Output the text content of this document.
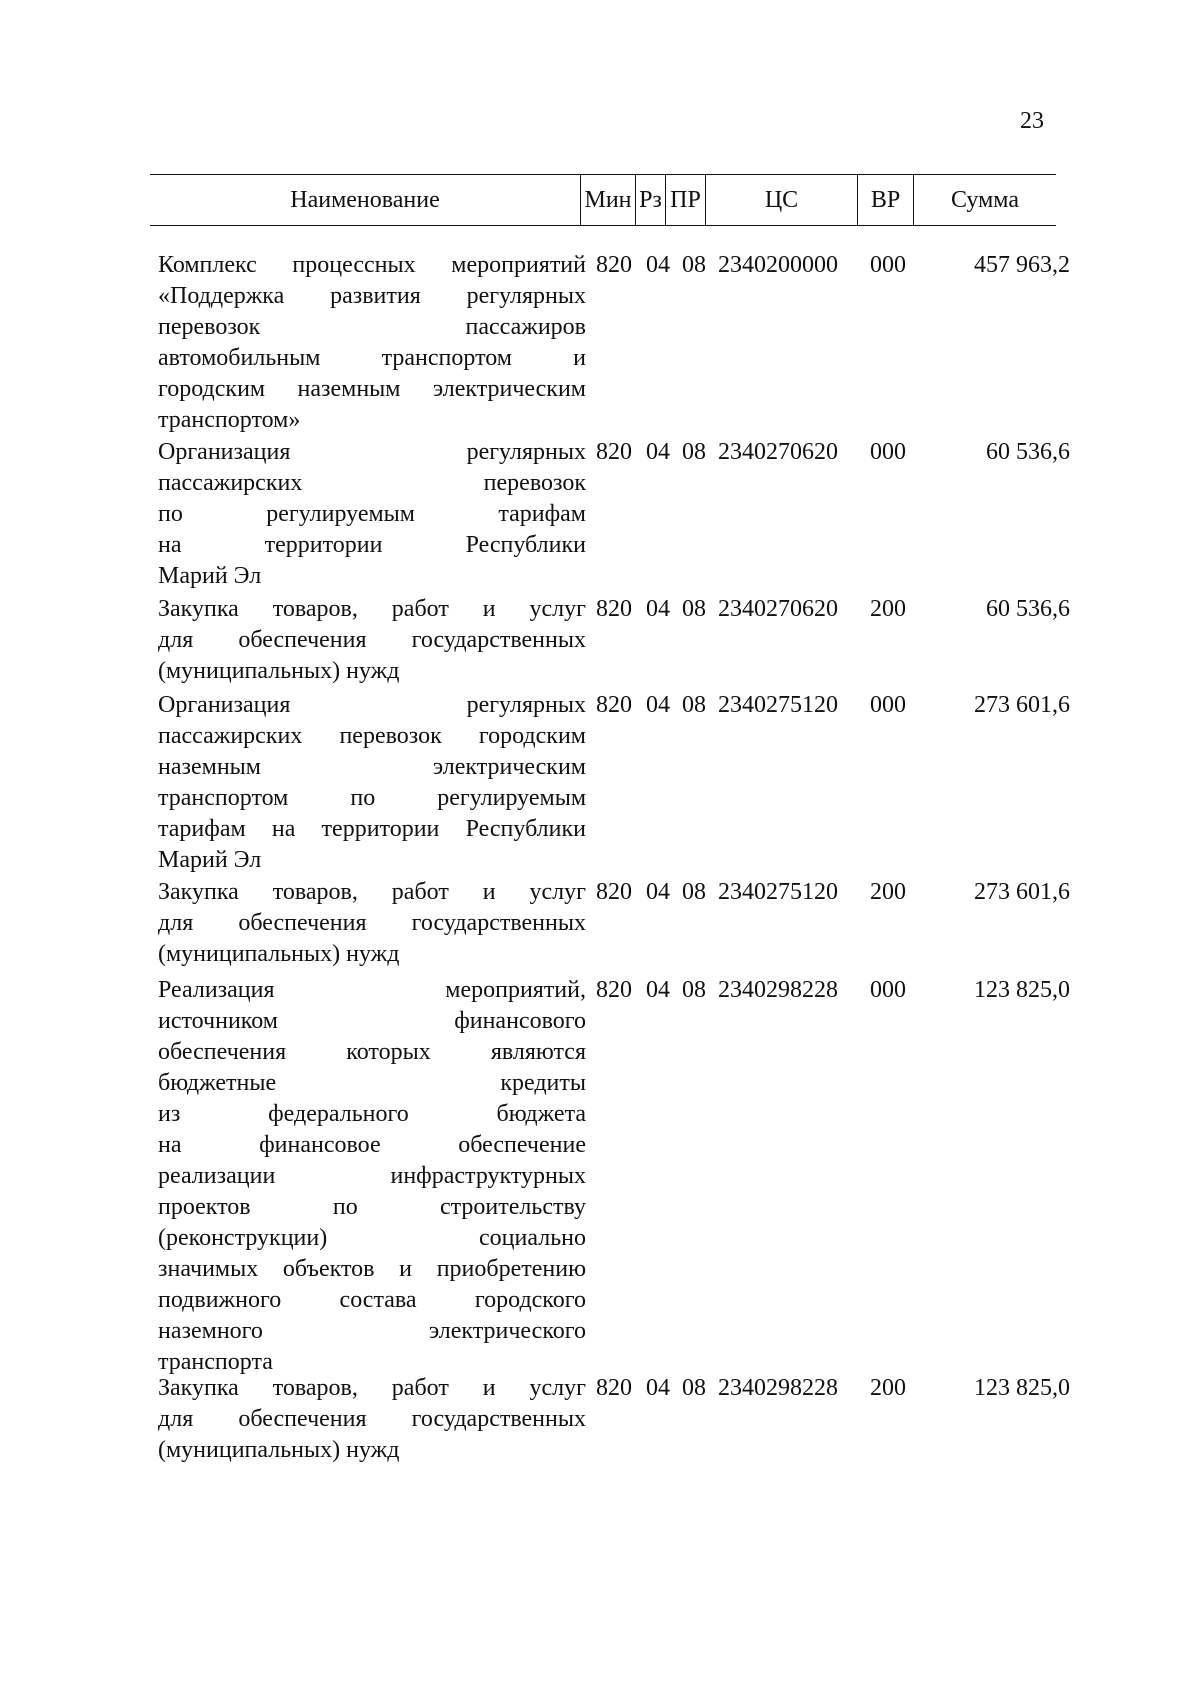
23
Наименование	Мин Рз ПР	ЦС	ВР	Сумма
Комплекс процессных мероприятий
«Поддержка развития регулярных
перевозок пассажиров
автомобильным транспортом и
городским наземным электрическим
транспортом»
820 04 08 2340200000 000	457 963,2
Организация регулярных
пассажирских перевозок
по регулируемым тарифам
на территории Республики
Марий Эл
820 04 08 2340270620 000	60 536,6
Закупка товаров, работ и услуг
для обеспечения государственных
(муниципальных) нужд
820 04 08 2340270620 200	60 536,6
Организация регулярных
пассажирских перевозок городским
наземным электрическим
транспортом по регулируемым
тарифам на территории Республики
Марий Эл
820 04 08 2340275120 000	273 601,6
Закупка товаров, работ и услуг
для обеспечения государственных
(муниципальных) нужд
820 04 08 2340275120 200	273 601,6
Реализация мероприятий,
источником финансового
обеспечения которых являются
бюджетные кредиты
из федерального бюджета
на финансовое обеспечение
реализации инфраструктурных
проектов по строительству
(реконструкции) социально
значимых объектов и приобретению
подвижного состава городского
наземного электрического
транспорта
820 04 08 2340298228 000	123 825,0
Закупка товаров, работ и услуг
для обеспечения государственных
(муниципальных) нужд
820 04 08 2340298228 200	123 825,0
